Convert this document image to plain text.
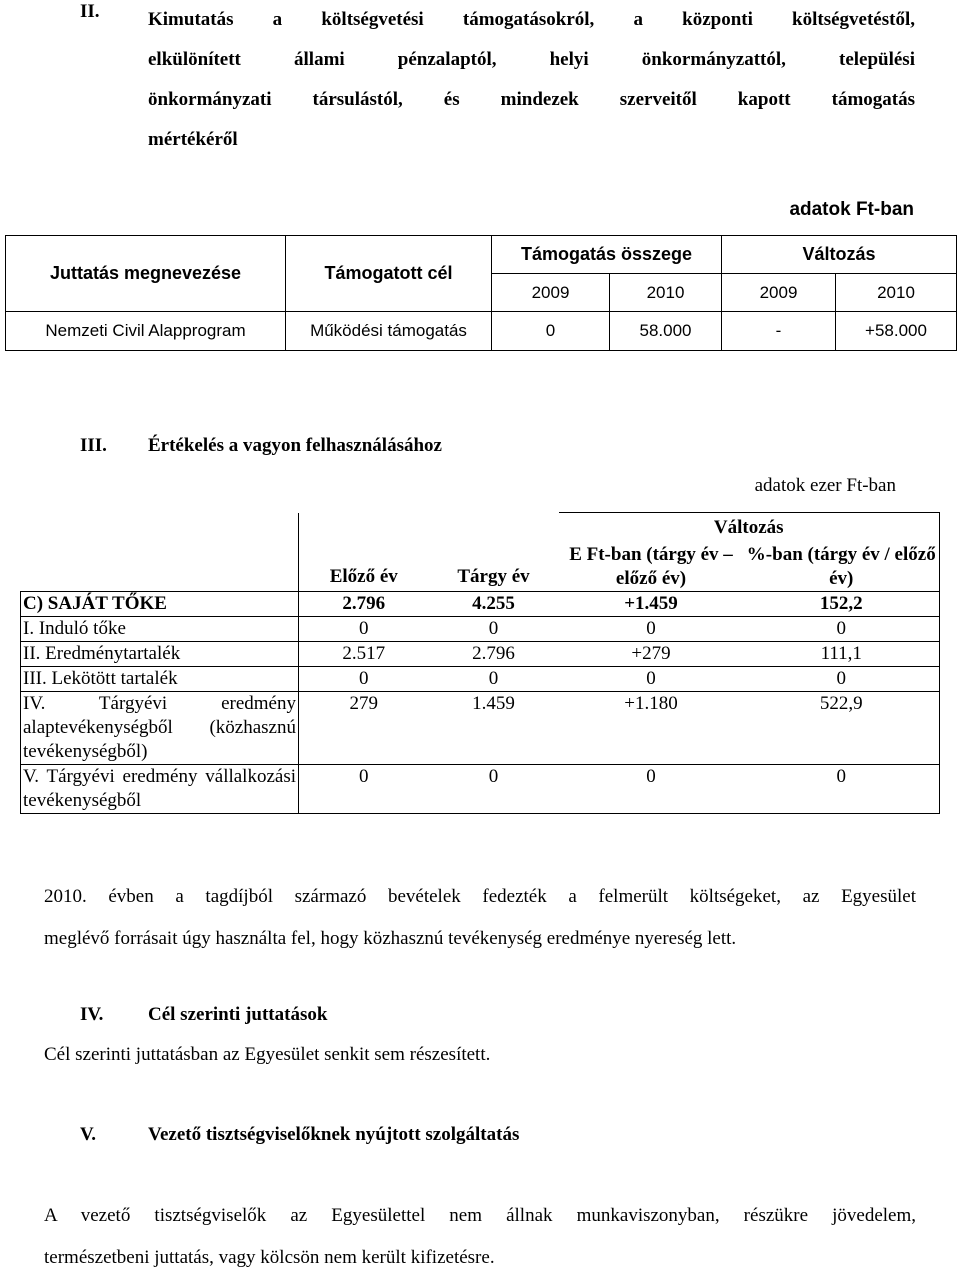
II.	Kimutatás a költségvetési támogatásokról, a központi költségvetéstől,
elkülönített állami pénzalaptól, helyi önkormányzattól, települési
önkormányzati társulástól, és mindezek szerveitől kapott támogatás
mértékéről
adatok Ft-ban
Juttatás megnevezése	Támogatott cél	Támogatás összege		Változás	
		2009	2010	2009	2010
Nemzeti Civil Alapprogram	Működési támogatás	0	58.000	-	+58.000
III. Értékelés a vagyon felhasználásához
adatok ezer Ft-ban
	Előző év	Tárgy év	Változás	
			E Ft-ban (tárgy év – előző év)	%-ban (tárgy év / előző év)
C) SAJÁT TŐKE	2.796	4.255	+1.459	152,2
I. Induló tőke	0	0	0	0
II. Eredménytartalék	2.517	2.796	+279	111,1
III. Lekötött tartalék	0	0	0	0
IV. Tárgyévi eredmény alaptevékenységből (közhasznú tevékenységből)	279	1.459	+1.180	522,9
V. Tárgyévi eredmény vállalkozási tevékenységből	0	0	0	0
2010. évben a tagdíjból származó bevételek fedezték a felmerült költségeket, az Egyesület
meglévő forrásait úgy használta fel, hogy közhasznú tevékenység eredménye nyereség lett.
IV. Cél szerinti juttatások
Cél szerinti juttatásban az Egyesület senkit sem részesített.
V.	Vezető tisztségviselőknek nyújtott szolgáltatás
A vezető tisztségviselők az Egyesülettel nem állnak munkaviszonyban, részükre jövedelem,
természetbeni juttatás, vagy kölcsön nem került kifizetésre.
